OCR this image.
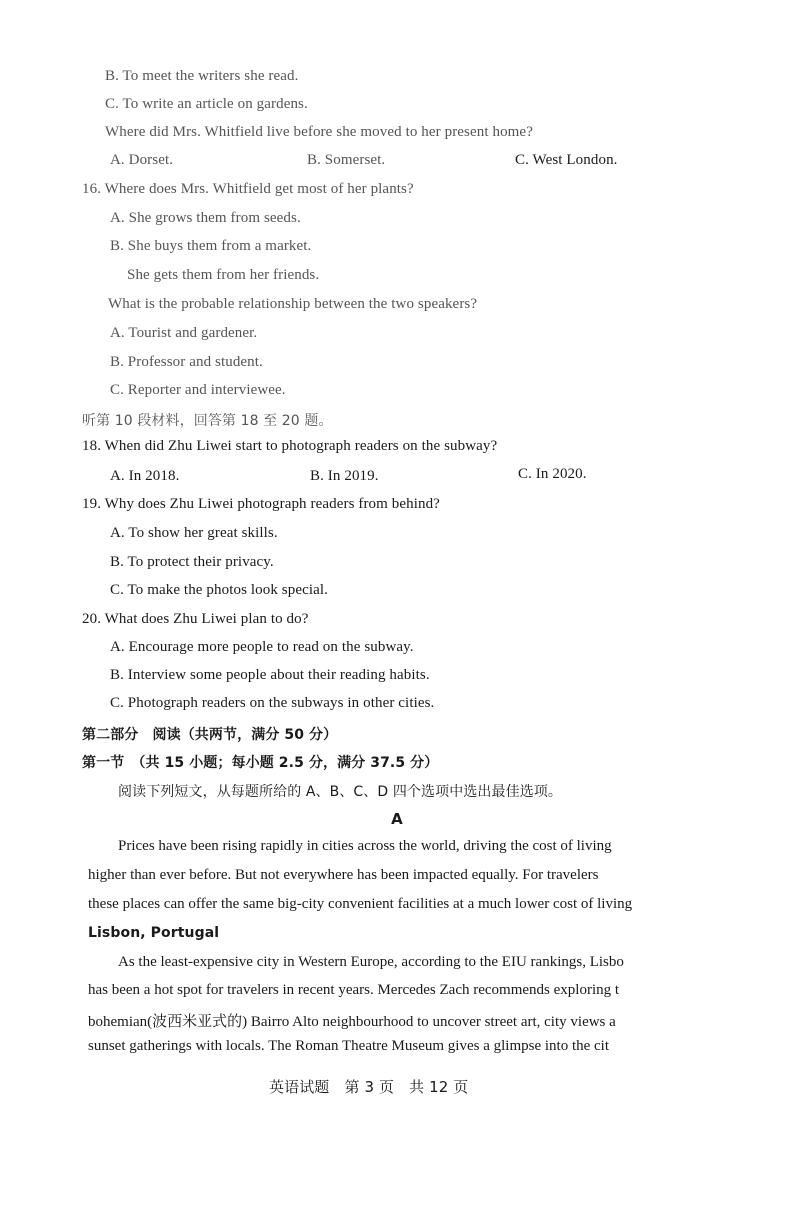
B. To meet the writers she read.
C. To write an article on gardens.
Where did Mrs. Whitfield live before she moved to her present home?
A. Dorset.	B. Somerset.	C. West London.
16. Where does Mrs. Whitfield get most of her plants?
A. She grows them from seeds.
B. She buys them from a market.
She gets them from her friends.
What is the probable relationship between the two speakers?
A. Tourist and gardener.
B. Professor and student.
C. Reporter and interviewee.
听第 10 段材料，回答第 18 至 20 题。
18. When did Zhu Liwei start to photograph readers on the subway?
A. In 2018.	B. In 2019.	C. In 2020.
19. Why does Zhu Liwei photograph readers from behind?
A. To show her great skills.
B. To protect their privacy.
C. To make the photos look special.
20. What does Zhu Liwei plan to do?
A. Encourage more people to read on the subway.
B. Interview some people about their reading habits.
C. Photograph readers on the subways in other cities.
第二部分　阅读（共两节，满分 50 分）
第一节　（共 15 小题；每小题 2.5 分，满分 37.5 分）
阅读下列短文，从每题所给的 A、B、C、D 四个选项中选出最佳选项。
A
Prices have been rising rapidly in cities across the world, driving the cost of living
higher than ever before. But not everywhere has been impacted equally. For travelers
these places can offer the same big-city convenient facilities at a much lower cost of living
Lisbon, Portugal
As the least-expensive city in Western Europe, according to the EIU rankings, Lisbo
has been a hot spot for travelers in recent years. Mercedes Zach recommends exploring t
bohemian(波西米亚式的) Bairro Alto neighbourhood to uncover street art, city views a
sunset gatherings with locals. The Roman Theatre Museum gives a glimpse into the cit
英语试题　第 3 页　共 12 页
